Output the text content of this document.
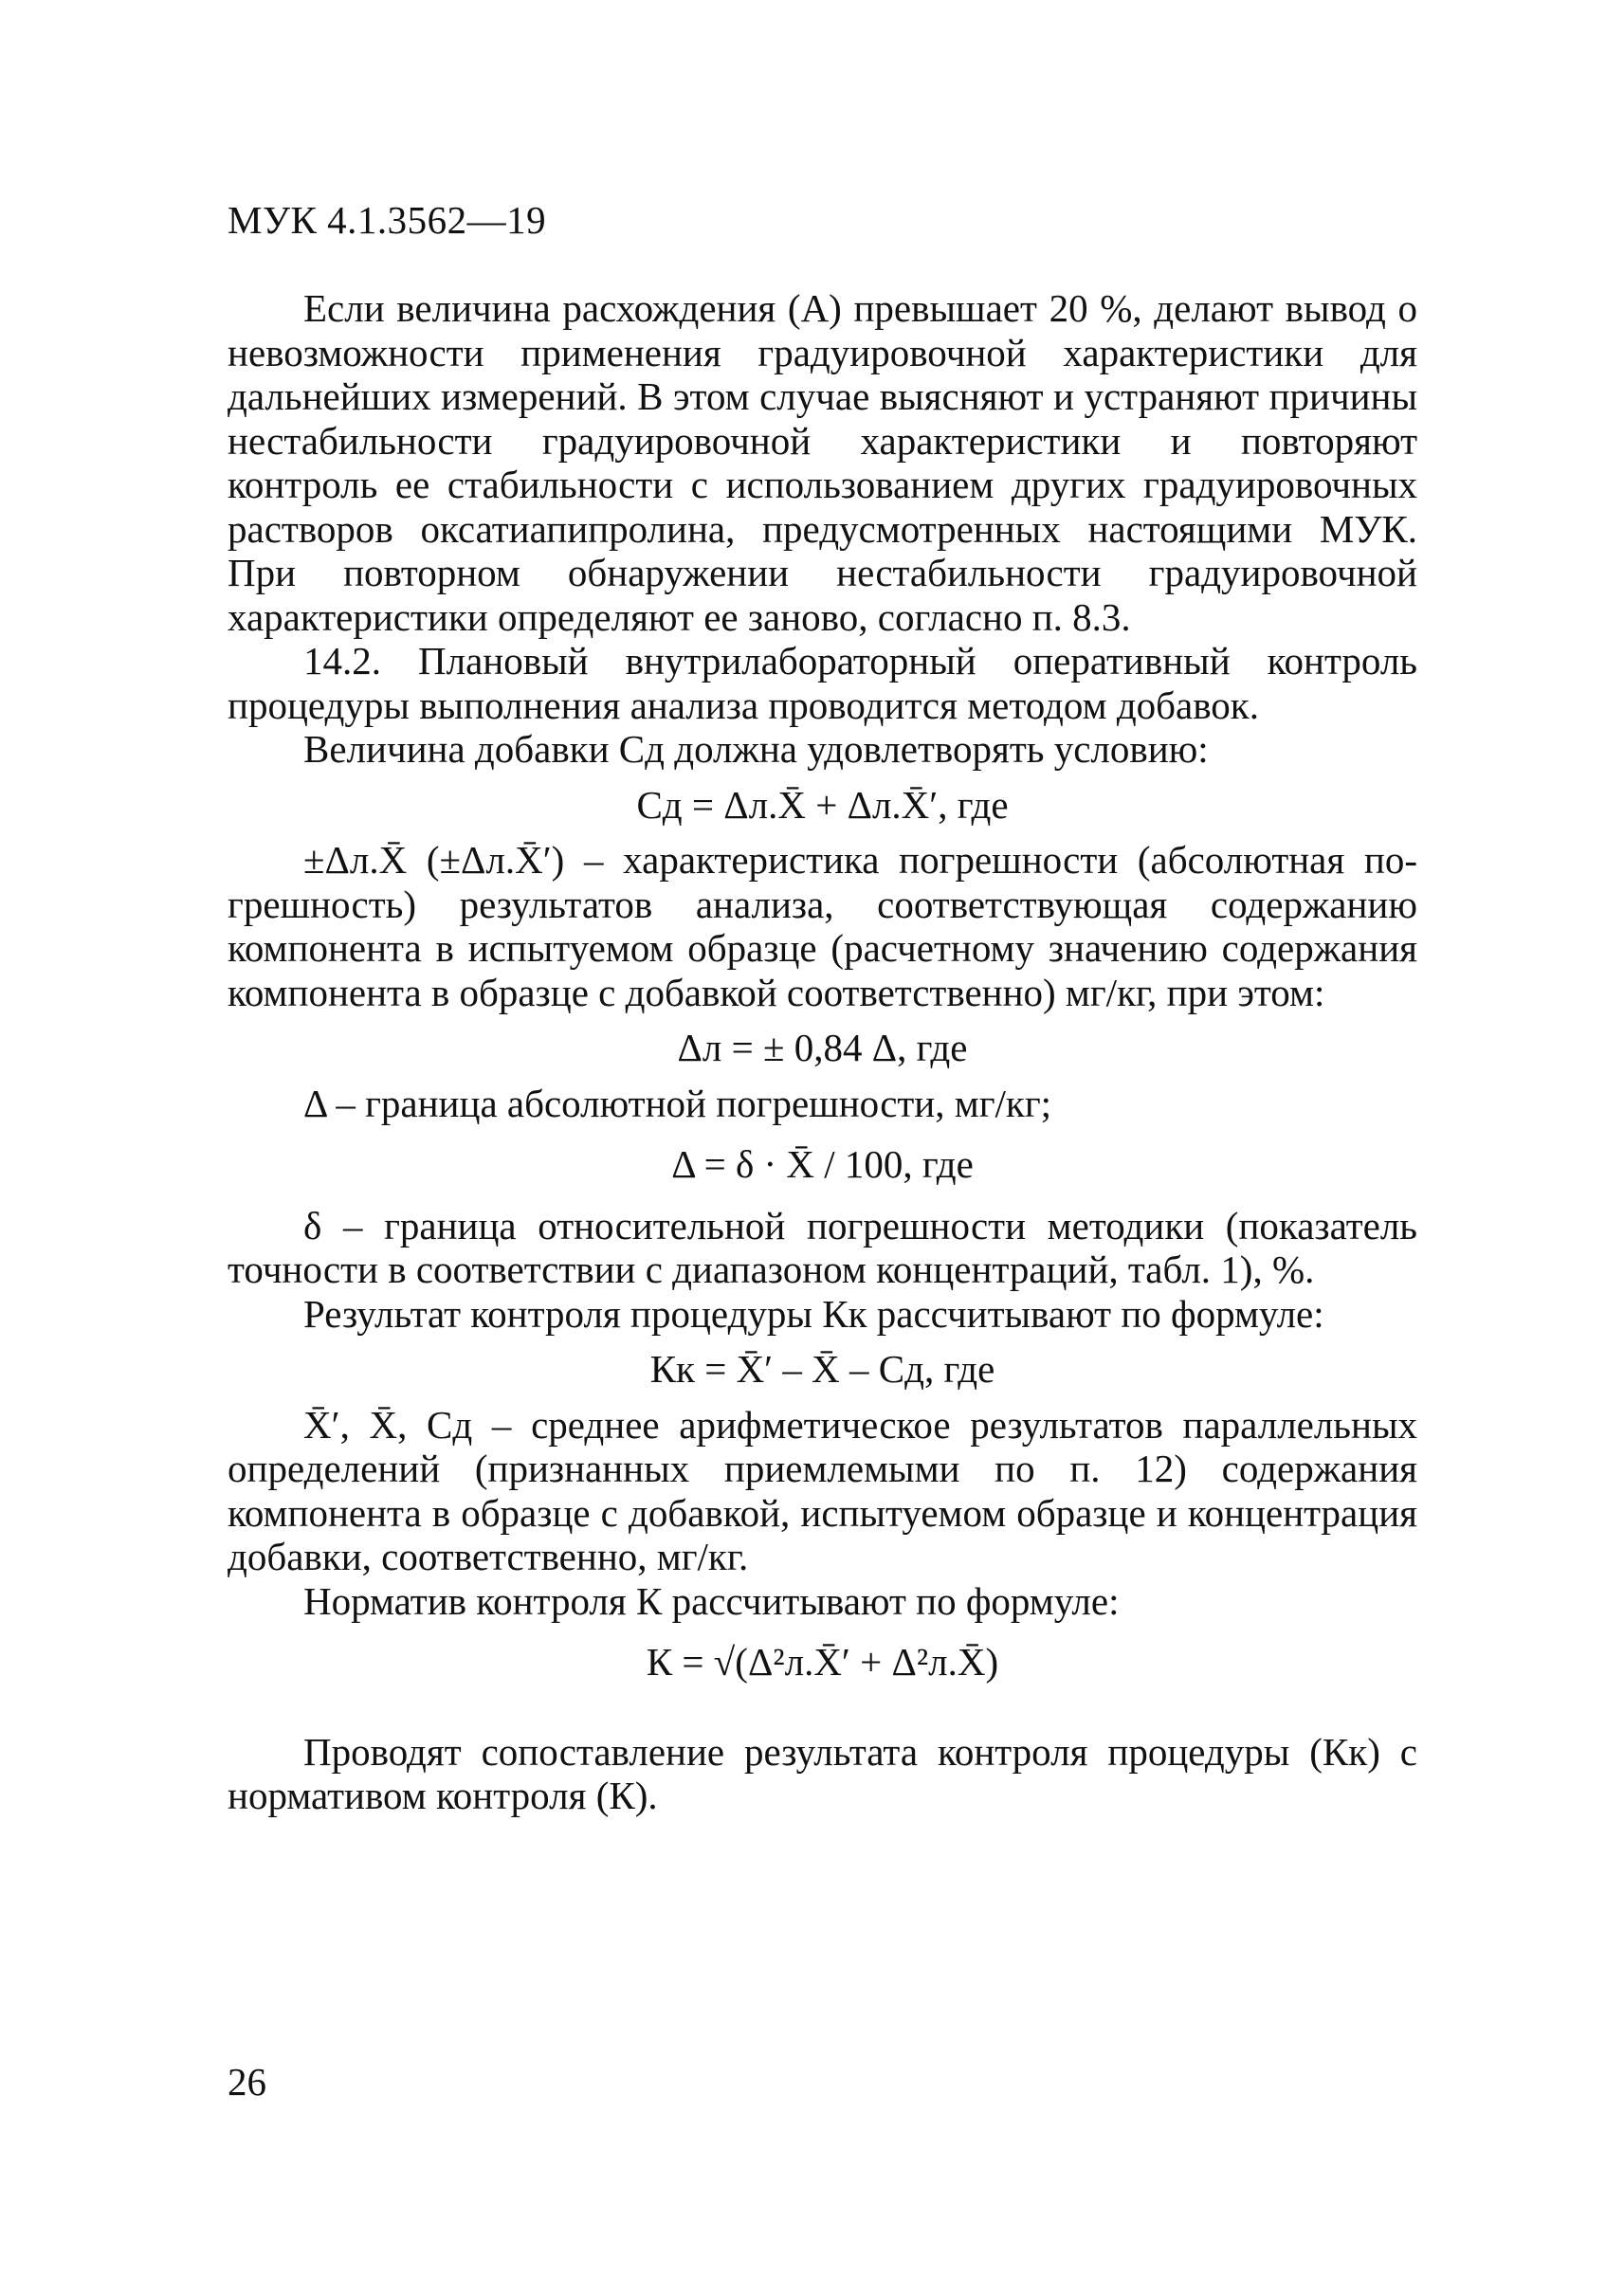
МУК 4.1.3562—19

Если величина расхождения (А) превышает 20 %, делают вывод о невозможности применения градуировочной характеристики для дальнейших измерений. В этом случае выясняют и устраняют причины нестабильности градуировочной характеристики и повторяют контроль ее стабильности с использованием других градуировочных растворов оксатиапипролина, предусмотренных настоящими МУК. При повторном обнаружении нестабильности градуировочной характеристики определяют ее заново, согласно п. 8.3.

14.2. Плановый внутрилабораторный оперативный контроль процедуры выполнения анализа проводится методом добавок.

Величина добавки Сд должна удовлетворять условию:

Сд = Δл.X̄ + Δл.X̄′, где

±Δл.X̄ (±Δл.X̄′) – характеристика погрешности (абсолютная по-

грешность) результатов анализа, соответствующая содержанию компонента в испытуемом образце (расчетному значению содержания компонента в образце с добавкой соответственно) мг/кг, при этом:

Δл = ± 0,84 Δ, где

Δ – граница абсолютной погрешности, мг/кг;

Δ = δ · X̄ / 100, где

δ – граница относительной погрешности методики (показатель точности в соответствии с диапазоном концентраций, табл. 1), %.

Результат контроля процедуры Кк рассчитывают по формуле:

Кк = X̄′ – X̄ – Сд, где

X̄′, X̄, Сд – среднее арифметическое результатов параллельных

определений (признанных приемлемыми по п. 12) содержания компонента в образце с добавкой, испытуемом образце и концентрация добавки, соответственно, мг/кг.

Норматив контроля К рассчитывают по формуле:

К = √(Δ²л.X̄′ + Δ²л.X̄)

Проводят сопоставление результата контроля процедуры (Кк) с нормативом контроля (К).

26
